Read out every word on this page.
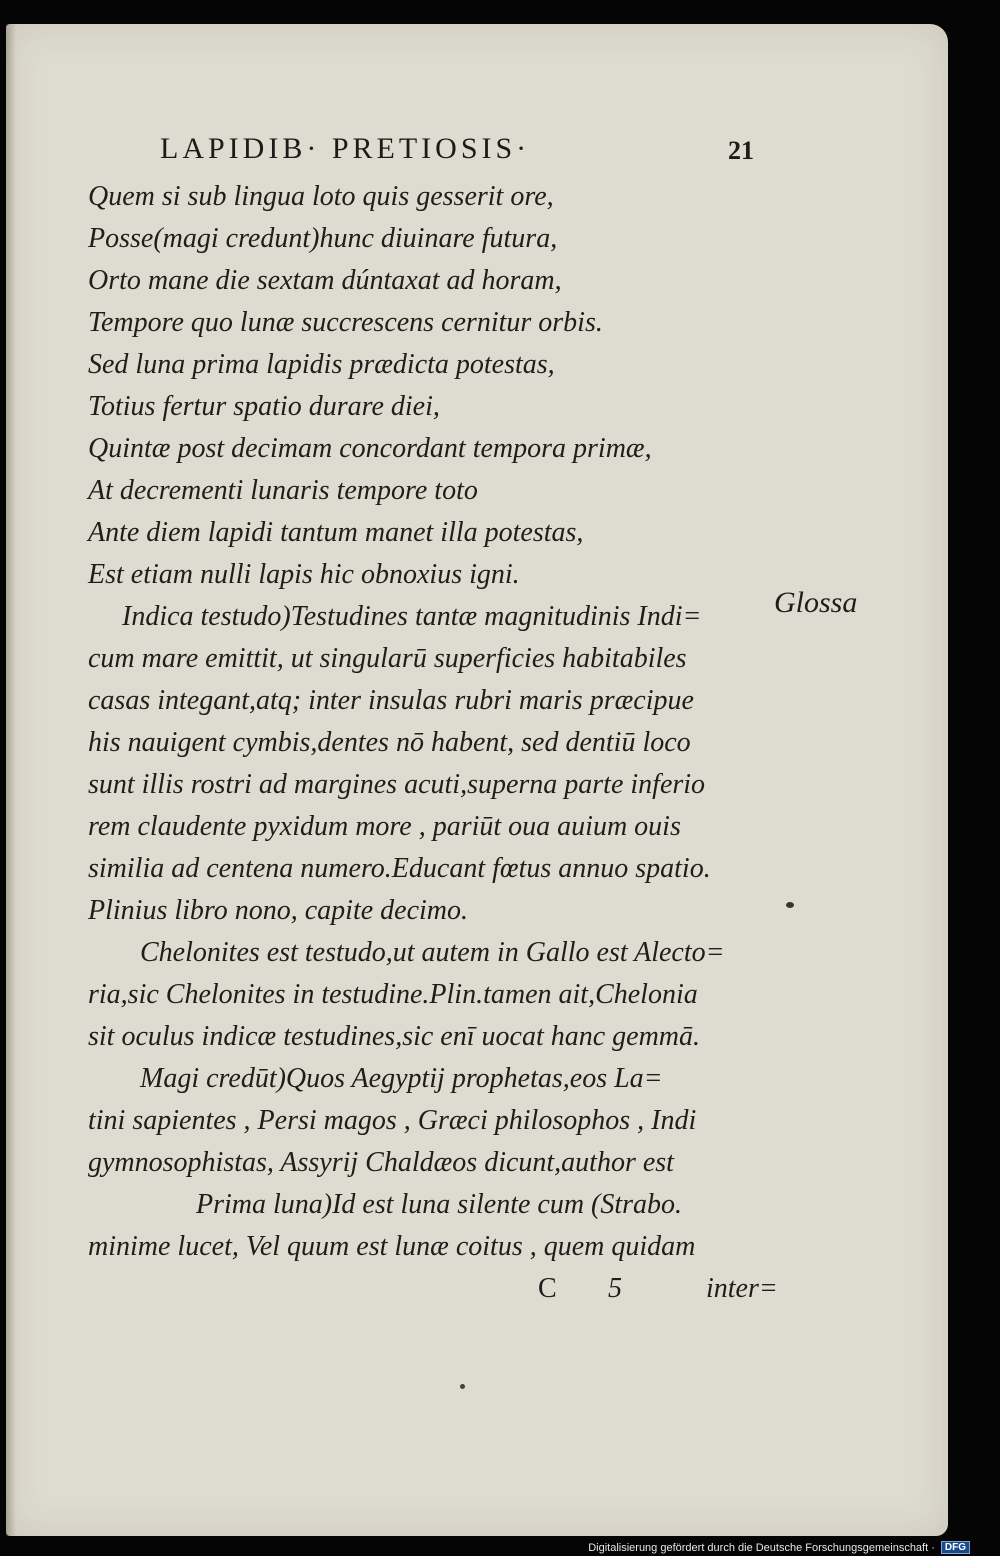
LAPIDIB· PRETIOSIS·	21
Quem si sub lingua loto quis gesserit ore,
Posse(magi credunt)hunc diuinare futura,
Orto mane die sextam dúntaxat ad horam,
Tempore quo lunæ succrescens cernitur orbis.
Sed luna prima lapidis prædicta potestas,
Totius fertur spatio durare diei,
Quintæ post decimam concordant tempora primæ,
At decrementi lunaris tempore toto
Ante diem lapidi tantum manet illa potestas,
Est etiam nulli lapis hic obnoxius igni.
Indica testudo)Testudines tantæ magnitudinis Indi=
cum mare emittit, ut singularū superficies habitabiles
casas integant,atq; inter insulas rubri maris præcipue
his nauigent cymbis,dentes nō habent, sed dentiū loco
sunt illis rostri ad margines acuti,superna parte inferio
rem claudente pyxidum more , pariūt oua auium ouis
similia ad centena numero.Educant fœtus annuo spatio.
Plinius libro nono, capite decimo.
Chelonites est testudo,ut autem in Gallo est Alecto=
ria,sic Chelonites in testudine.Plin.tamen ait,Chelonia
sit oculus indicæ testudines,sic enī uocat hanc gemmā.
Magi credūt)Quos Aegyptij prophetas,eos La=
tini sapientes , Persi magos , Græci philosophos , Indi
gymnosophistas, Assyrij Chaldæos dicunt,author est
Prima luna)Id est luna silente cum (Strabo.
minime lucet, Vel quum est lunæ coitus , quem quidam
C 5	inter=
Glossa
Digitalisierung gefördert durch die Deutsche Forschungsgemeinschaft ·	DFG
